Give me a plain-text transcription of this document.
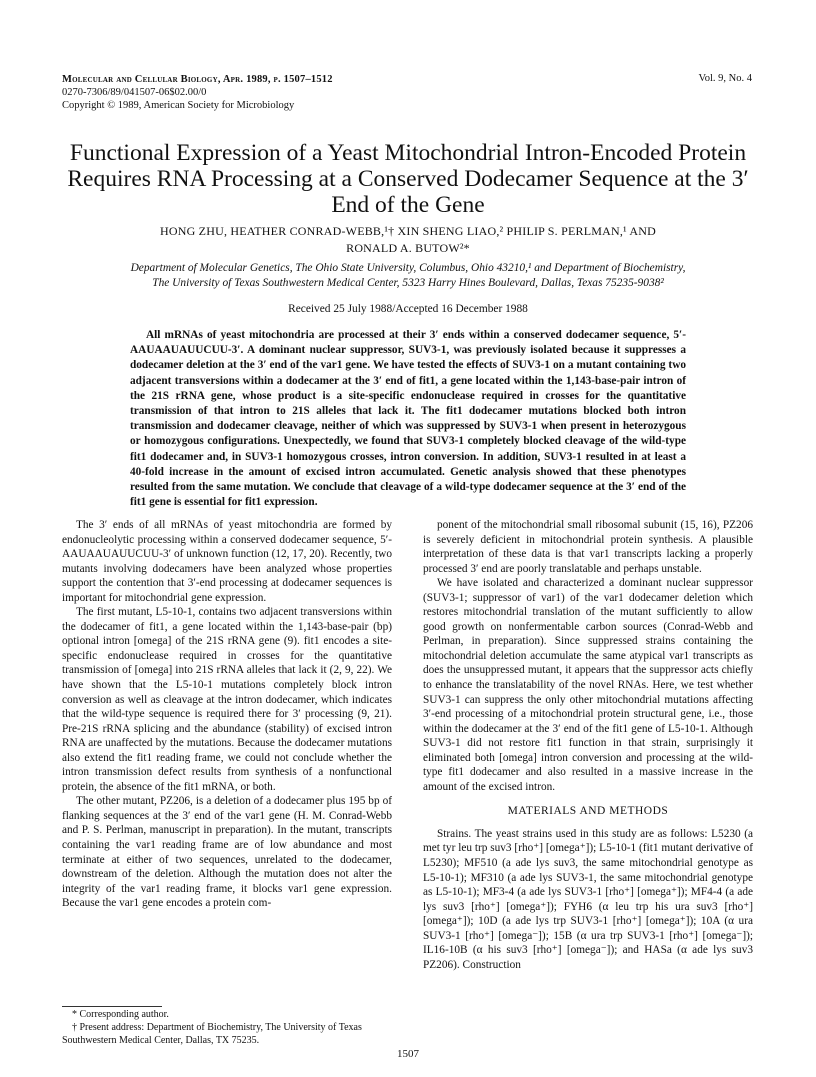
Molecular and Cellular Biology, Apr. 1989, p. 1507–1512
0270-7306/89/041507-06$02.00/0
Copyright © 1989, American Society for Microbiology
Vol. 9, No. 4
Functional Expression of a Yeast Mitochondrial Intron-Encoded Protein Requires RNA Processing at a Conserved Dodecamer Sequence at the 3′ End of the Gene
HONG ZHU, HEATHER CONRAD-WEBB,¹† XIN SHENG LIAO,² PHILIP S. PERLMAN,¹ AND
RONALD A. BUTOW²*
Department of Molecular Genetics, The Ohio State University, Columbus, Ohio 43210,¹ and Department of Biochemistry,
The University of Texas Southwestern Medical Center, 5323 Harry Hines Boulevard, Dallas, Texas 75235-9038²
Received 25 July 1988/Accepted 16 December 1988

All mRNAs of yeast mitochondria are processed at their 3′ ends within a conserved dodecamer sequence, 5′-AAUAAUAUUCUU-3′. A dominant nuclear suppressor, SUV3-1, was previously isolated because it suppresses a dodecamer deletion at the 3′ end of the var1 gene. We have tested the effects of SUV3-1 on a mutant containing two adjacent transversions within a dodecamer at the 3′ end of fit1, a gene located within the 1,143-base-pair intron of the 21S rRNA gene, whose product is a site-specific endonuclease required in crosses for the quantitative transmission of that intron to 21S alleles that lack it. The fit1 dodecamer mutations blocked both intron transmission and dodecamer cleavage, neither of which was suppressed by SUV3-1 when present in heterozygous or homozygous configurations. Unexpectedly, we found that SUV3-1 completely blocked cleavage of the wild-type fit1 dodecamer and, in SUV3-1 homozygous crosses, intron conversion. In addition, SUV3-1 resulted in at least a 40-fold increase in the amount of excised intron accumulated. Genetic analysis showed that these phenotypes resulted from the same mutation. We conclude that cleavage of a wild-type dodecamer sequence at the 3′ end of the fit1 gene is essential for fit1 expression.

The 3′ ends of all mRNAs of yeast mitochondria are formed by endonucleolytic processing within a conserved dodecamer sequence, 5′-AAUAAUAUUCUU-3′ of unknown function (12, 17, 20). Recently, two mutants involving dodecamers have been analyzed whose properties support the contention that 3′-end processing at dodecamer sequences is important for mitochondrial gene expression.

The first mutant, L5-10-1, contains two adjacent transversions within the dodecamer of fit1, a gene located within the 1,143-base-pair (bp) optional intron [omega] of the 21S rRNA gene (9). fit1 encodes a site-specific endonuclease required in crosses for the quantitative transmission of [omega] into 21S rRNA alleles that lack it (2, 9, 22). We have shown that the L5-10-1 mutations completely block intron conversion as well as cleavage at the intron dodecamer, which indicates that the wild-type sequence is required there for 3′ processing (9, 21). Pre-21S rRNA splicing and the abundance (stability) of excised intron RNA are unaffected by the mutations. Because the dodecamer mutations also extend the fit1 reading frame, we could not conclude whether the intron transmission defect results from synthesis of a nonfunctional protein, the absence of the fit1 mRNA, or both.

The other mutant, PZ206, is a deletion of a dodecamer plus 195 bp of flanking sequences at the 3′ end of the var1 gene (H. M. Conrad-Webb and P. S. Perlman, manuscript in preparation). In the mutant, transcripts containing the var1 reading frame are of low abundance and most terminate at either of two sequences, unrelated to the dodecamer, downstream of the deletion. Although the mutation does not alter the integrity of the var1 reading frame, it blocks var1 gene expression. Because the var1 gene encodes a protein com-

ponent of the mitochondrial small ribosomal subunit (15, 16), PZ206 is severely deficient in mitochondrial protein synthesis. A plausible interpretation of these data is that var1 transcripts lacking a properly processed 3′ end are poorly translatable and perhaps unstable.

We have isolated and characterized a dominant nuclear suppressor (SUV3-1; suppressor of var1) of the var1 dodecamer deletion which restores mitochondrial translation of the mutant sufficiently to allow good growth on nonfermentable carbon sources (Conrad-Webb and Perlman, in preparation). Since suppressed strains containing the mitochondrial deletion accumulate the same atypical var1 transcripts as does the unsuppressed mutant, it appears that the suppressor acts chiefly to enhance the translatability of the novel RNAs. Here, we test whether SUV3-1 can suppress the only other mitochondrial mutations affecting 3′-end processing of a mitochondrial protein structural gene, i.e., those within the dodecamer at the 3′ end of the fit1 gene of L5-10-1. Although SUV3-1 did not restore fit1 function in that strain, surprisingly it eliminated both [omega] intron conversion and processing at the wild-type fit1 dodecamer and also resulted in a massive increase in the amount of the excised intron.

MATERIALS AND METHODS

Strains. The yeast strains used in this study are as follows: L5230 (a met tyr leu trp suv3 [rho⁺] [omega⁺]); L5-10-1 (fit1 mutant derivative of L5230); MF510 (a ade lys suv3, the same mitochondrial genotype as L5-10-1); MF310 (a ade lys SUV3-1, the same mitochondrial genotype as L5-10-1); MF3-4 (a ade lys SUV3-1 [rho⁺] [omega⁺]); MF4-4 (a ade lys suv3 [rho⁺] [omega⁺]); FYH6 (α leu trp his ura suv3 [rho⁺] [omega⁺]); 10D (a ade lys trp SUV3-1 [rho⁺] [omega⁺]); 10A (α ura SUV3-1 [rho⁺] [omega⁻]); 15B (α ura trp SUV3-1 [rho⁺] [omega⁻]); IL16-10B (α his suv3 [rho⁺] [omega⁻]); and HASa (α ade lys suv3 PZ206). Construction

* Corresponding author.

† Present address: Department of Biochemistry, The University of Texas Southwestern Medical Center, Dallas, TX 75235.

1507
